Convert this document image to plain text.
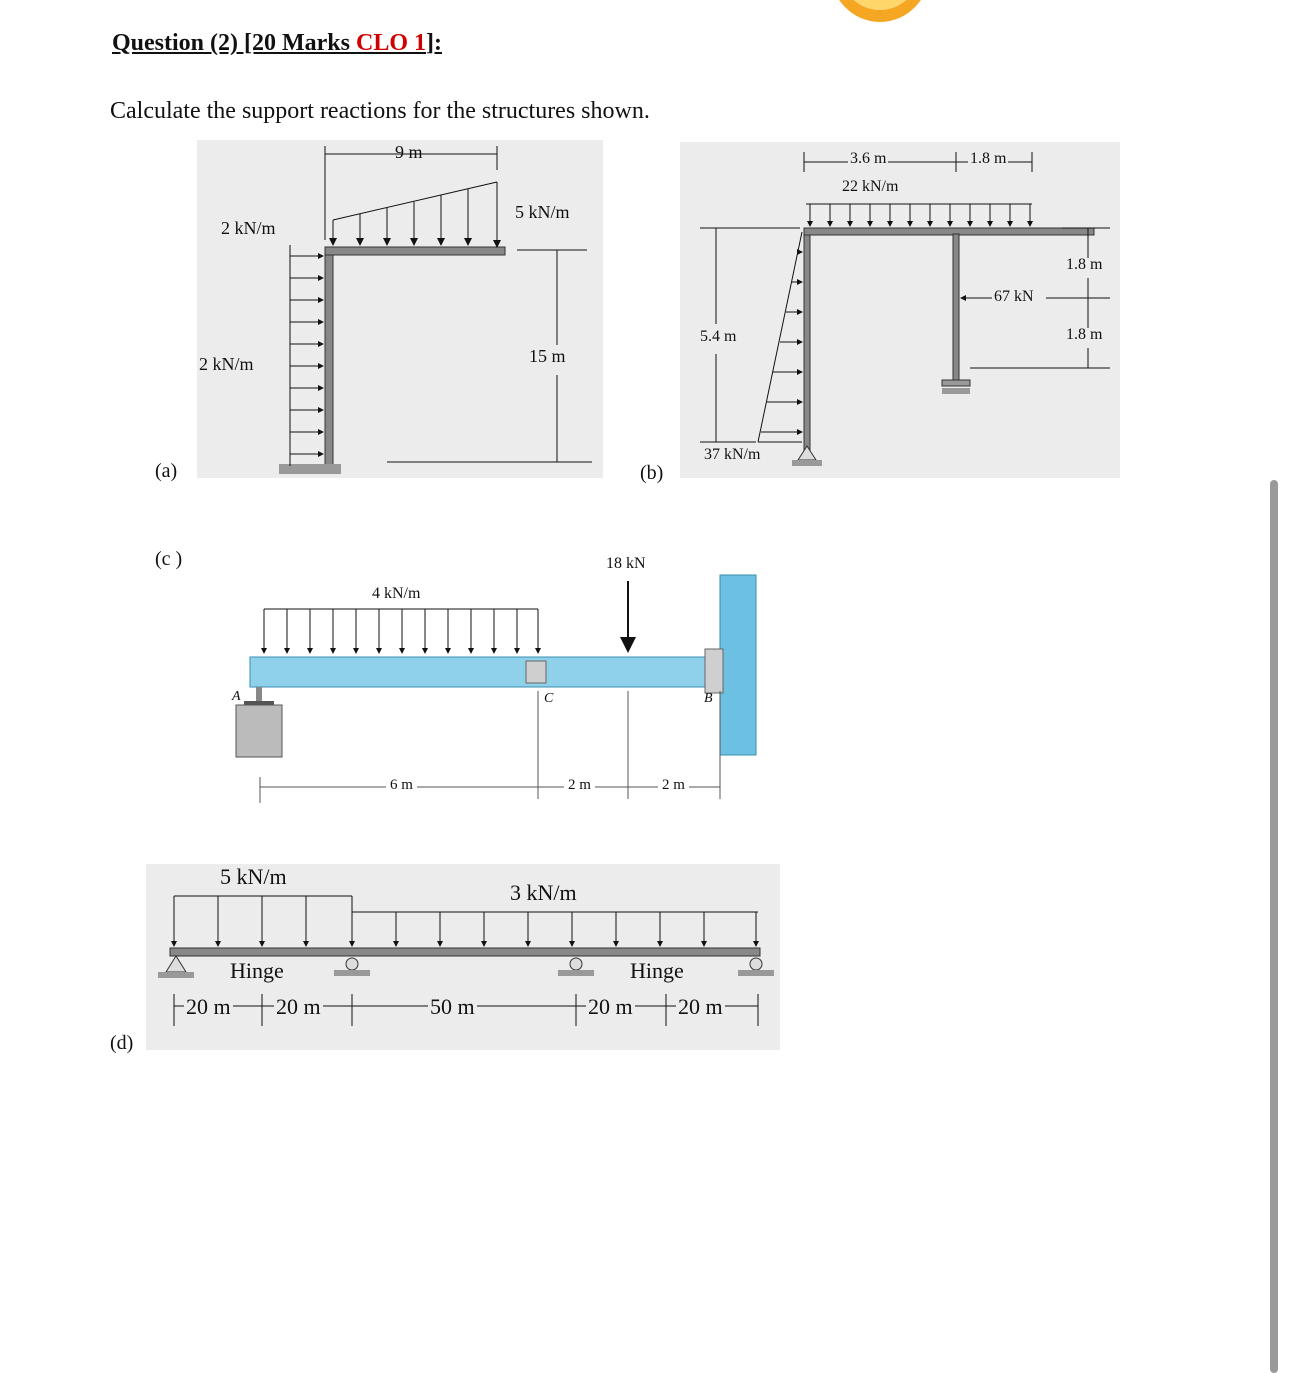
Question (2) [20 Marks CLO 1]:
Calculate the support reactions for the structures shown.
(a)
9 m
2 kN/m
5 kN/m
2 kN/m	15 m
(b)
3.6 m	1.8 m
22 kN/m
67 kN
1.8 m
1.8 m
5.4 m
37 kN/m
(c )	18 kN
4 kN/m
A	C	B
6 m	2 m	2 m
(d)
5 kN/m
3 kN/m
Hinge	Hinge
20 m 20 m	50 m	20 m 20 m
